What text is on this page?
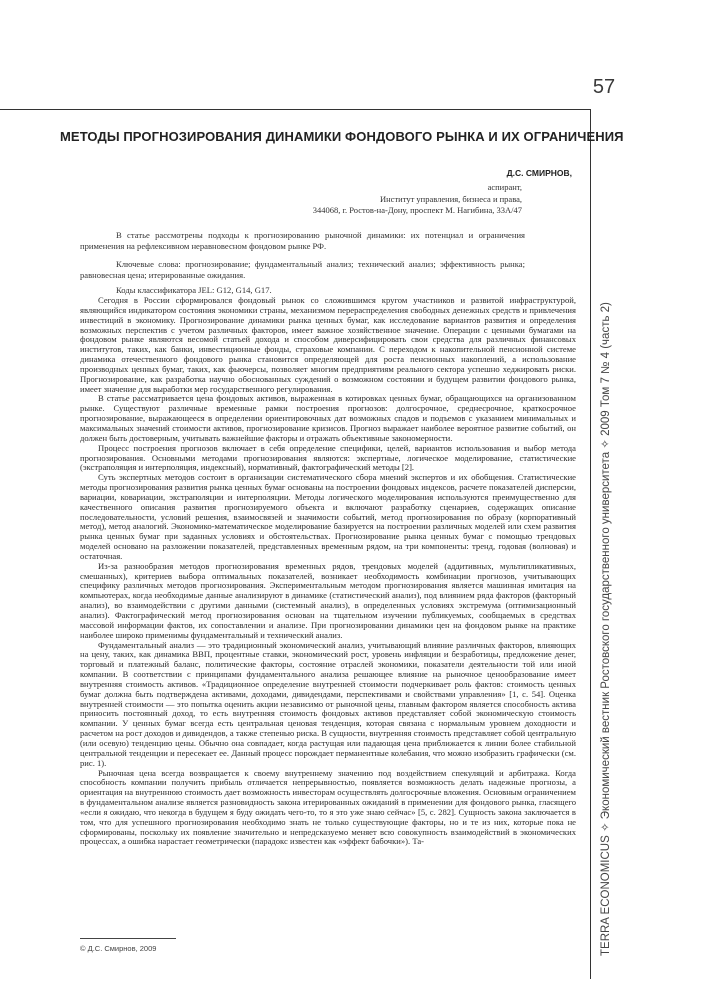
57
TERRA ECONOMICUS ✧ Экономический вестник Ростовского государственного университета ✧ 2009 Том 7 № 4 (часть 2)
МЕТОДЫ ПРОГНОЗИРОВАНИЯ ДИНАМИКИ ФОНДОВОГО РЫНКА И ИХ ОГРАНИЧЕНИЯ
Д.С. СМИРНОВ,
аспирант,
Институт управления, бизнеса и права,
344068, г. Ростов-на-Дону, проспект М. Нагибина, 33А/47

В статье рассмотрены подходы к прогнозированию рыночной динамики: их потенциал и ограничения применения на рефлексивном неравновесном фондовом рынке РФ.

Ключевые слова: прогнозирование; фундаментальный анализ; технический анализ; эффективность рынка; равновесная цена; итерированные ожидания.

Коды классификатора JEL: G12, G14, G17.

Сегодня в России сформировался фондовый рынок со сложившимся кругом участников и развитой инфраструктурой, являющийся индикатором состояния экономики страны, механизмом перераспределения свободных денежных средств и привлечения инвестиций в экономику. Прогнозирование динамики рынка ценных бумаг, как исследование вариантов развития и определения возможных перспектив с учетом различных факторов, имеет важное хозяйственное значение. Операции с ценными бумагами на фондовом рынке являются весомой статьей дохода и способом диверсифицировать свои средства для различных финансовых институтов, таких, как банки, инвестиционные фонды, страховые компании. С переходом к накопительной пенсионной системе динамика отечественного фондового рынка становится определяющей для роста пенсионных накоплений, а использование производных ценных бумаг, таких, как фьючерсы, позволяет многим предприятиям реального сектора успешно хеджировать риски. Прогнозирование, как разработка научно обоснованных суждений о возможном состоянии и будущем развитии фондового рынка, имеет значение для выработки мер государственного регулирования.

В статье рассматривается цена фондовых активов, выраженная в котировках ценных бумаг, обращающихся на организованном рынке. Существуют различные временные рамки построения прогнозов: долгосрочное, среднесрочное, краткосрочное прогнозирование, выражающееся в определении ориентировочных дат возможных спадов и подъемов с указанием минимальных и максимальных значений стоимости активов, прогнозирование кризисов. Прогноз выражает наиболее вероятное развитие событий, он должен быть достоверным, учитывать важнейшие факторы и отражать объективные закономерности.

Процесс построения прогнозов включает в себя определение специфики, целей, вариантов использования и выбор метода прогнозирования. Основными методами прогнозирования являются: экспертные, логическое моделирование, статистические (экстраполяция и интерполяция, индексный), нормативный, фактографический методы [2].

Суть экспертных методов состоит в организации систематического сбора мнений экспертов и их обобщения. Статистические методы прогнозирования развития рынка ценных бумаг основаны на построении фондовых индексов, расчете показателей дисперсии, вариации, ковариации, экстраполяции и интерполяции. Методы логического моделирования используются преимущественно для качественного описания развития прогнозируемого объекта и включают разработку сценариев, содержащих описание последовательности, условий решения, взаимосвязей и значимости событий, метод прогнозирования по образу (корпоративный метод), метод аналогий. Экономико-математическое моделирование базируется на построении различных моделей или схем развития рынка ценных бумаг при заданных условиях и обстоятельствах. Прогнозирование рынка ценных бумаг с помощью трендовых моделей основано на разложении показателей, представленных временным рядом, на три компоненты: тренд, годовая (волновая) и остаточная.

Из-за разнообразия методов прогнозирования временных рядов, трендовых моделей (аддитивных, мультипликативных, смешанных), критериев выбора оптимальных показателей, возникает необходимость комбинации прогнозов, учитывающих специфику различных методов прогнозирования. Экспериментальным методом прогнозирования является машинная имитация на компьютерах, когда необходимые данные анализируют в динамике (статистический анализ), под влиянием ряда факторов (факторный анализ), во взаимодействии с другими данными (системный анализ), в определенных условиях экстремума (оптимизационный анализ). Фактографический метод прогнозирования основан на тщательном изучении публикуемых, сообщаемых в средствах массовой информации фактов, их сопоставлении и анализе. При прогнозировании динамики цен на фондовом рынке на практике наиболее широко применимы фундаментальный и технический анализ.

Фундаментальный анализ — это традиционный экономический анализ, учитывающий влияние различных факторов, влияющих на цену, таких, как динамика ВВП, процентные ставки, экономический рост, уровень инфляции и безработицы, предложение денег, торговый и платежный баланс, политические факторы, состояние отраслей экономики, показатели деятельности той или иной компании. В соответствии с принципами фундаментального анализа решающее влияние на рыночное ценообразование имеет внутренняя стоимость активов. «Традиционное определение внутренней стоимости подчеркивает роль фактов: стоимость ценных бумаг должна быть подтверждена активами, доходами, дивидендами, перспективами и свойствами управления» [1, с. 54]. Оценка внутренней стоимости — это попытка оценить акции независимо от рыночной цены, главным фактором является способность актива приносить постоянный доход, то есть внутренняя стоимость фондовых активов представляет собой экономическую стоимость компании. У ценных бумаг всегда есть центральная ценовая тенденция, которая связана с нормальным уровнем доходности и расчетом на рост доходов и дивидендов, а также степенью риска. В сущности, внутренняя стоимость представляет собой центральную (или осевую) тенденцию цены. Обычно она совпадает, когда растущая или падающая цена приближается к линии более стабильной центральной тенденции и пересекает ее. Данный процесс порождает перманентные колебания, что можно изобразить графически (см. рис. 1).

Рыночная цена всегда возвращается к своему внутреннему значению под воздействием спекуляций и арбитража. Когда способность компании получить прибыль отличается непрерывностью, появляется возможность делать надежные прогнозы, а ориентация на внутреннюю стоимость дает возможность инвесторам осуществлять долгосрочные вложения. Основным ограничением в фундаментальном анализе является разновидность закона итерированных ожиданий в применении для фондового рынка, гласящего «если я ожидаю, что некогда в будущем я буду ожидать чего-то, то я это уже знаю сейчас» [5, с. 282]. Сущность закона заключается в том, что для успешного прогнозирования необходимо знать не только существующие факторы, но и те из них, которые пока не сформированы, поскольку их появление значительно и непредсказуемо меняет всю совокупность взаимодействий в экономических процессах, а ошибка нарастает геометрически (парадокс известен как «эффект бабочки»). Та-

© Д.С. Смирнов, 2009
